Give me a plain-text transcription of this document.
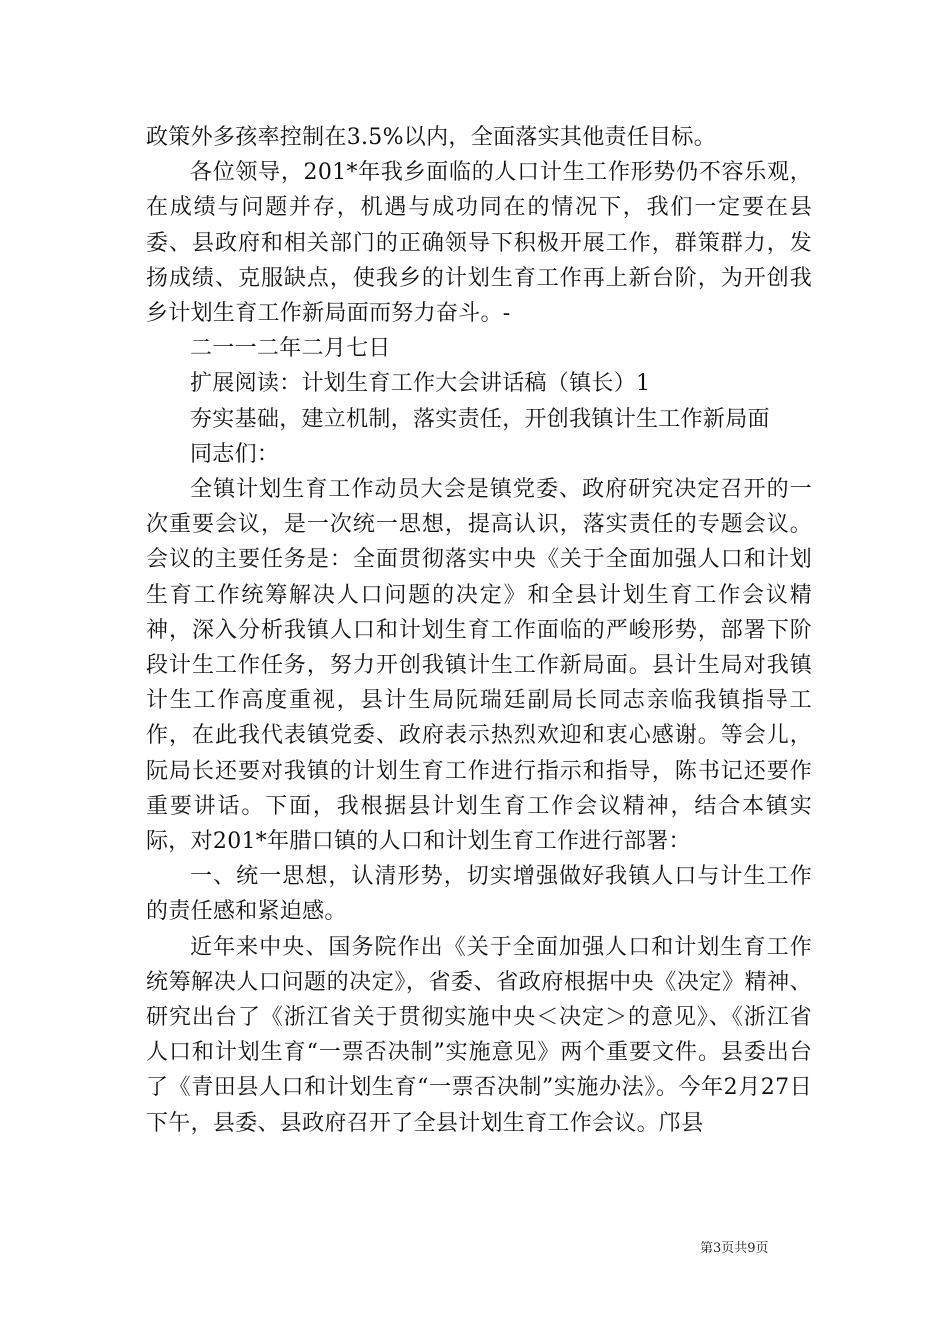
政策外多孩率控制在3.5%以内，全面落实其他责任目标。

各位领导，201*年我乡面临的人口计生工作形势仍不容乐观，在成绩与问题并存，机遇与成功同在的情况下，我们一定要在县委、县政府和相关部门的正确领导下积极开展工作，群策群力，发扬成绩、克服缺点，使我乡的计划生育工作再上新台阶，为开创我乡计划生育工作新局面而努力奋斗。-

二一一二年二月七日

扩展阅读：计划生育工作大会讲话稿（镇长）1

夯实基础，建立机制，落实责任，开创我镇计生工作新局面

同志们：

全镇计划生育工作动员大会是镇党委、政府研究决定召开的一次重要会议，是一次统一思想，提高认识，落实责任的专题会议。会议的主要任务是：全面贯彻落实中央《关于全面加强人口和计划生育工作统筹解决人口问题的决定》和全县计划生育工作会议精神，深入分析我镇人口和计划生育工作面临的严峻形势，部署下阶段计生工作任务，努力开创我镇计生工作新局面。县计生局对我镇计生工作高度重视，县计生局阮瑞廷副局长同志亲临我镇指导工作，在此我代表镇党委、政府表示热烈欢迎和衷心感谢。等会儿，阮局长还要对我镇的计划生育工作进行指示和指导，陈书记还要作重要讲话。下面，我根据县计划生育工作会议精神，结合本镇实际，对201*年腊口镇的人口和计划生育工作进行部署：

一、统一思想，认清形势，切实增强做好我镇人口与计生工作的责任感和紧迫感。

近年来中央、国务院作出《关于全面加强人口和计划生育工作统筹解决人口问题的决定》，省委、省政府根据中央《决定》精神、研究出台了《浙江省关于贯彻实施中央＜决定＞的意见》、《浙江省人口和计划生育“一票否决制”实施意见》两个重要文件。县委出台了《青田县人口和计划生育“一票否决制”实施办法》。今年2月27日下午，县委、县政府召开了全县计划生育工作会议。邝县

第3页共9页
